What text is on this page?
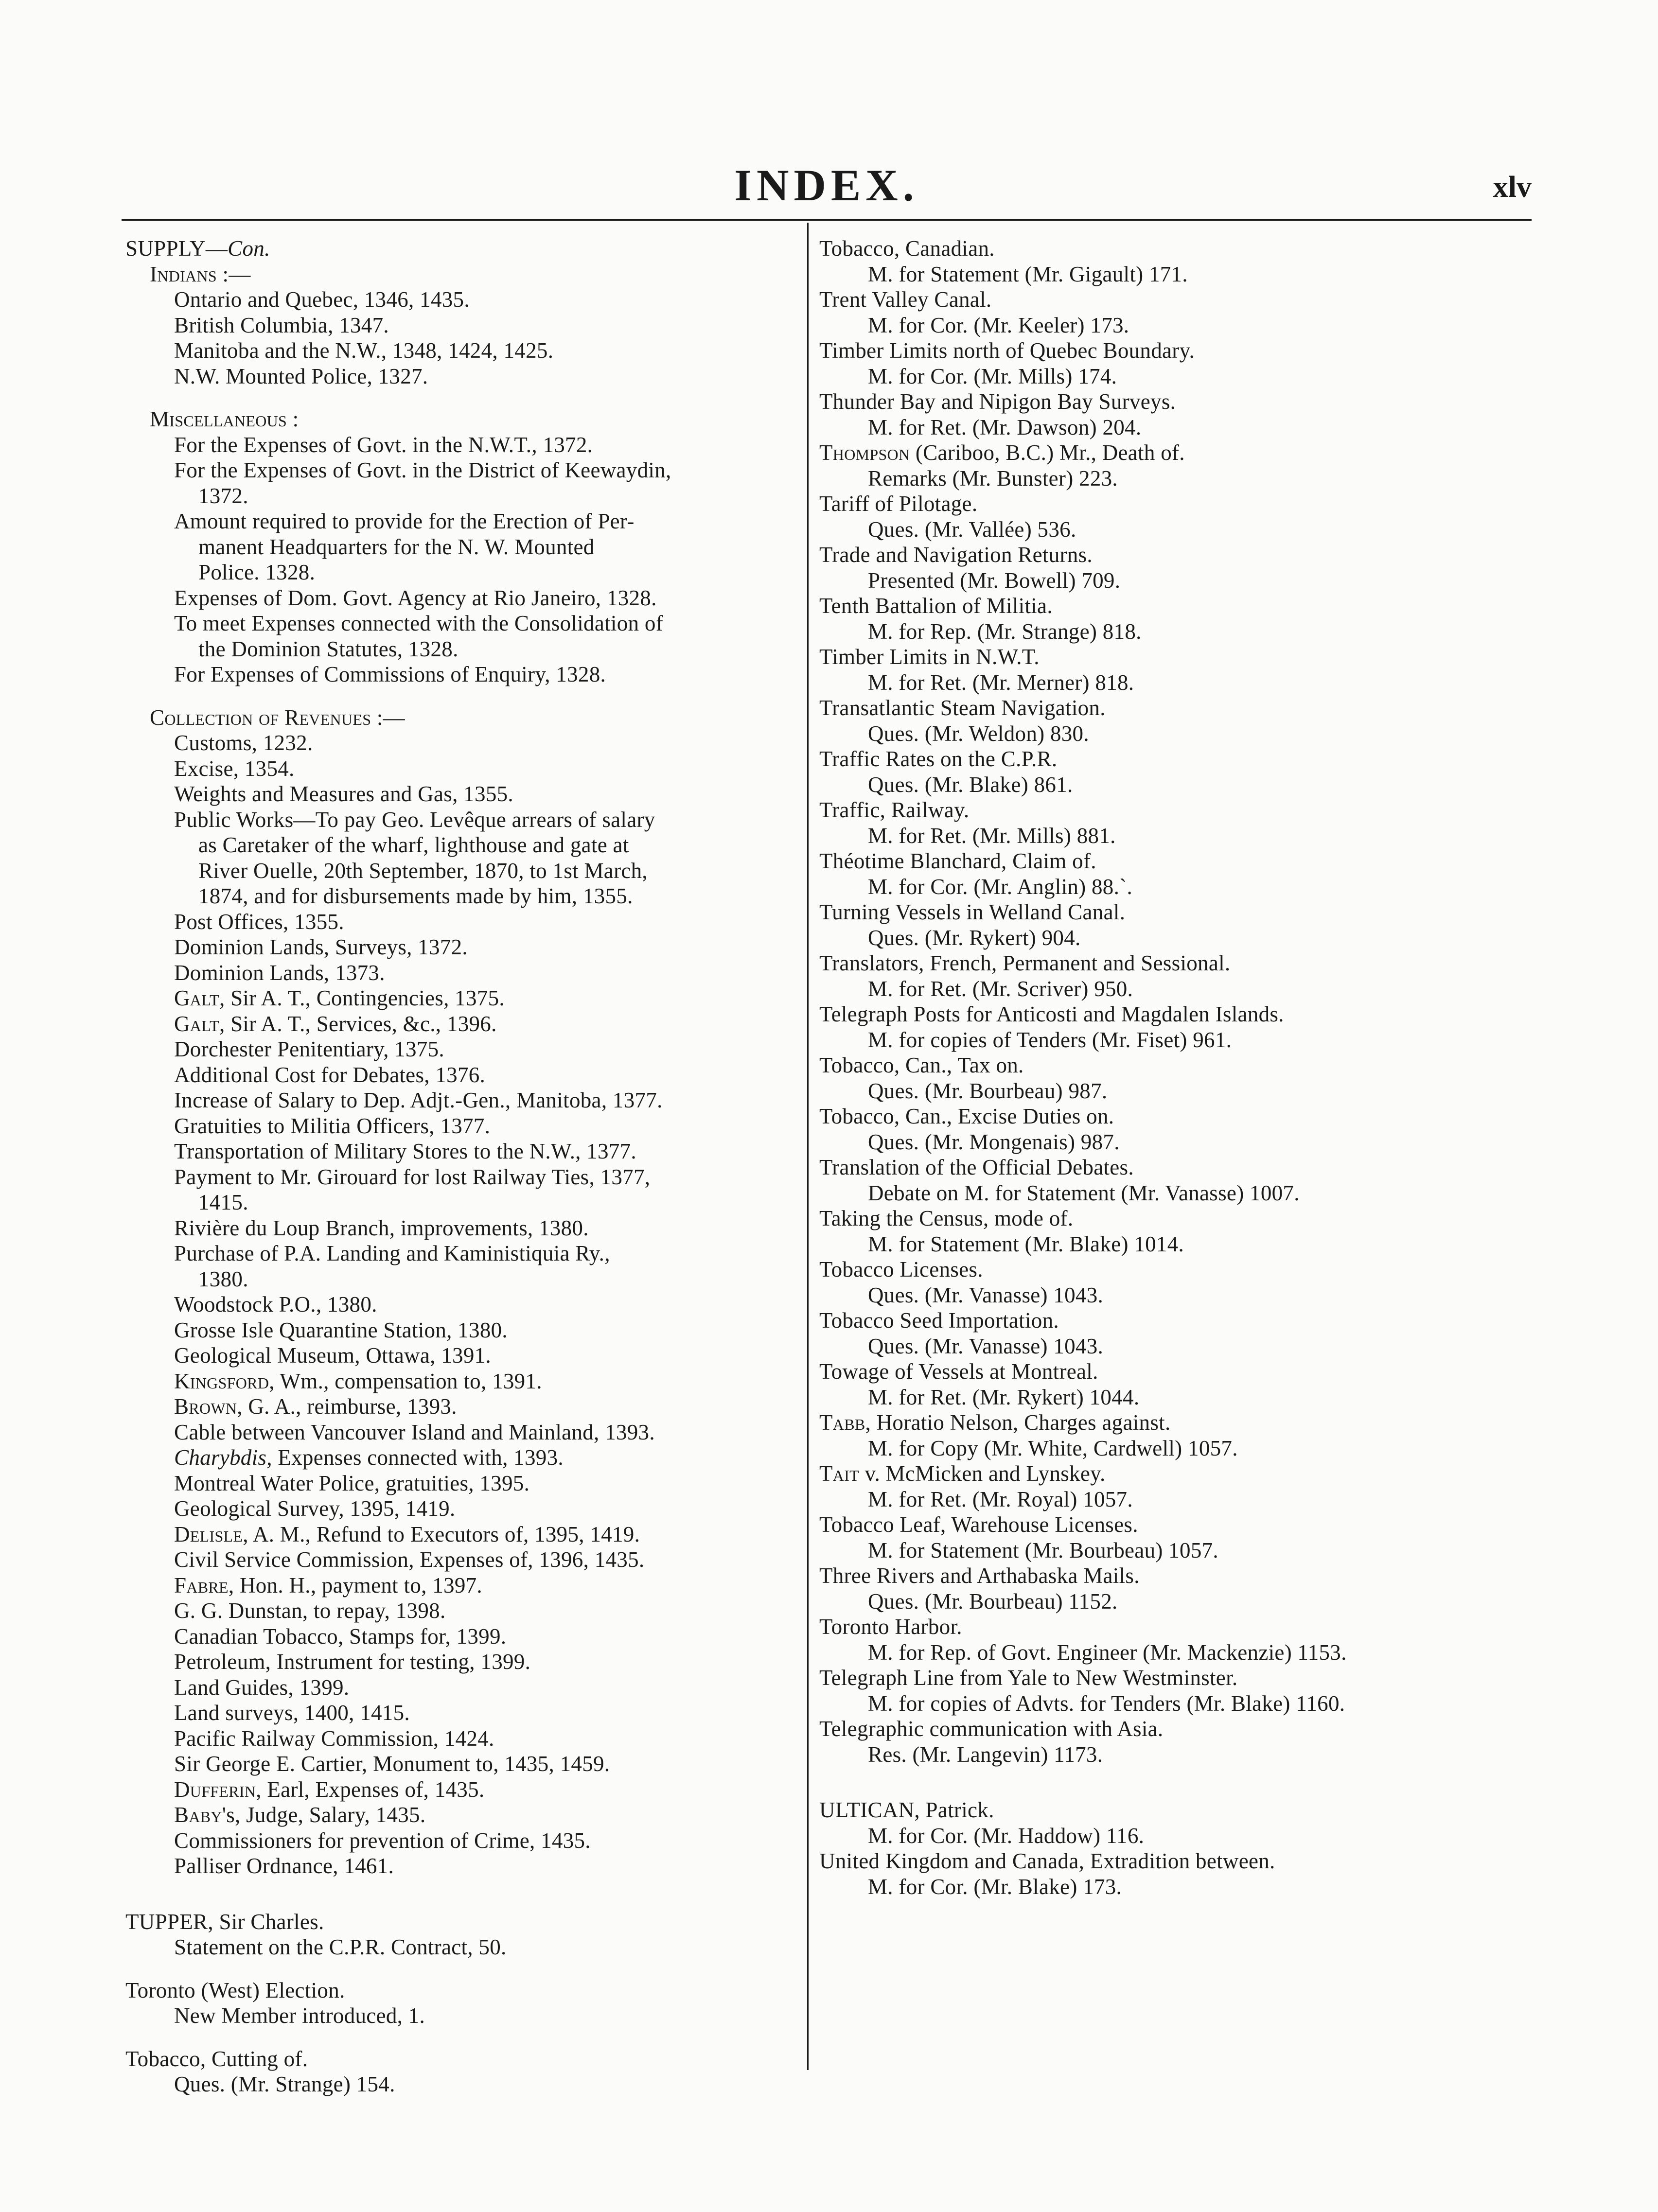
INDEX.	xlv
SUPPLY—Con.
Indians :—
Ontario and Quebec, 1346, 1435.
British Columbia, 1347.
Manitoba and the N.W., 1348, 1424, 1425.
N.W. Mounted Police, 1327.
Miscellaneous :
For the Expenses of Govt. in the N.W.T., 1372.
For the Expenses of Govt. in the District of Keewaydin,
1372.
Amount required to provide for the Erection of Per-
manent Headquarters for the N. W. Mounted
Police. 1328.
Expenses of Dom. Govt. Agency at Rio Janeiro, 1328.
To meet Expenses connected with the Consolidation of
the Dominion Statutes, 1328.
For Expenses of Commissions of Enquiry, 1328.
Collection of Revenues :—
Customs, 1232.
Excise, 1354.
Weights and Measures and Gas, 1355.
Public Works—To pay Geo. Levêque arrears of salary
as Caretaker of the wharf, lighthouse and gate at
River Ouelle, 20th September, 1870, to 1st March,
1874, and for disbursements made by him, 1355.
Post Offices, 1355.
Dominion Lands, Surveys, 1372.
Dominion Lands, 1373.
Galt, Sir A. T., Contingencies, 1375.
Galt, Sir A. T., Services, &c., 1396.
Dorchester Penitentiary, 1375.
Additional Cost for Debates, 1376.
Increase of Salary to Dep. Adjt.-Gen., Manitoba, 1377.
Gratuities to Militia Officers, 1377.
Transportation of Military Stores to the N.W., 1377.
Payment to Mr. Girouard for lost Railway Ties, 1377,
1415.
Rivière du Loup Branch, improvements, 1380.
Purchase of P.A. Landing and Kaministiquia Ry.,
1380.
Woodstock P.O., 1380.
Grosse Isle Quarantine Station, 1380.
Geological Museum, Ottawa, 1391.
Kingsford, Wm., compensation to, 1391.
Brown, G. A., reimburse, 1393.
Cable between Vancouver Island and Mainland, 1393.
Charybdis, Expenses connected with, 1393.
Montreal Water Police, gratuities, 1395.
Geological Survey, 1395, 1419.
Delisle, A. M., Refund to Executors of, 1395, 1419.
Civil Service Commission, Expenses of, 1396, 1435.
Fabre, Hon. H., payment to, 1397.
G. G. Dunstan, to repay, 1398.
Canadian Tobacco, Stamps for, 1399.
Petroleum, Instrument for testing, 1399.
Land Guides, 1399.
Land surveys, 1400, 1415.
Pacific Railway Commission, 1424.
Sir George E. Cartier, Monument to, 1435, 1459.
Dufferin, Earl, Expenses of, 1435.
Baby's, Judge, Salary, 1435.
Commissioners for prevention of Crime, 1435.
Palliser Ordnance, 1461.
TUPPER, Sir Charles.
Statement on the C.P.R. Contract, 50.
Toronto (West) Election.
New Member introduced, 1.
Tobacco, Cutting of.
Ques. (Mr. Strange) 154.
Tobacco, Canadian.
M. for Statement (Mr. Gigault) 171.
Trent Valley Canal.
M. for Cor. (Mr. Keeler) 173.
Timber Limits north of Quebec Boundary.
M. for Cor. (Mr. Mills) 174.
Thunder Bay and Nipigon Bay Surveys.
M. for Ret. (Mr. Dawson) 204.
Thompson (Cariboo, B.C.) Mr., Death of.
Remarks (Mr. Bunster) 223.
Tariff of Pilotage.
Ques. (Mr. Vallée) 536.
Trade and Navigation Returns.
Presented (Mr. Bowell) 709.
Tenth Battalion of Militia.
M. for Rep. (Mr. Strange) 818.
Timber Limits in N.W.T.
M. for Ret. (Mr. Merner) 818.
Transatlantic Steam Navigation.
Ques. (Mr. Weldon) 830.
Traffic Rates on the C.P.R.
Ques. (Mr. Blake) 861.
Traffic, Railway.
M. for Ret. (Mr. Mills) 881.
Théotime Blanchard, Claim of.
M. for Cor. (Mr. Anglin) 88.`.
Turning Vessels in Welland Canal.
Ques. (Mr. Rykert) 904.
Translators, French, Permanent and Sessional.
M. for Ret. (Mr. Scriver) 950.
Telegraph Posts for Anticosti and Magdalen Islands.
M. for copies of Tenders (Mr. Fiset) 961.
Tobacco, Can., Tax on.
Ques. (Mr. Bourbeau) 987.
Tobacco, Can., Excise Duties on.
Ques. (Mr. Mongenais) 987.
Translation of the Official Debates.
Debate on M. for Statement (Mr. Vanasse) 1007.
Taking the Census, mode of.
M. for Statement (Mr. Blake) 1014.
Tobacco Licenses.
Ques. (Mr. Vanasse) 1043.
Tobacco Seed Importation.
Ques. (Mr. Vanasse) 1043.
Towage of Vessels at Montreal.
M. for Ret. (Mr. Rykert) 1044.
Tabb, Horatio Nelson, Charges against.
M. for Copy (Mr. White, Cardwell) 1057.
Tait v. McMicken and Lynskey.
M. for Ret. (Mr. Royal) 1057.
Tobacco Leaf, Warehouse Licenses.
M. for Statement (Mr. Bourbeau) 1057.
Three Rivers and Arthabaska Mails.
Ques. (Mr. Bourbeau) 1152.
Toronto Harbor.
M. for Rep. of Govt. Engineer (Mr. Mackenzie) 1153.
Telegraph Line from Yale to New Westminster.
M. for copies of Advts. for Tenders (Mr. Blake) 1160.
Telegraphic communication with Asia.
Res. (Mr. Langevin) 1173.
ULTICAN, Patrick.
M. for Cor. (Mr. Haddow) 116.
United Kingdom and Canada, Extradition between.
M. for Cor. (Mr. Blake) 173.
